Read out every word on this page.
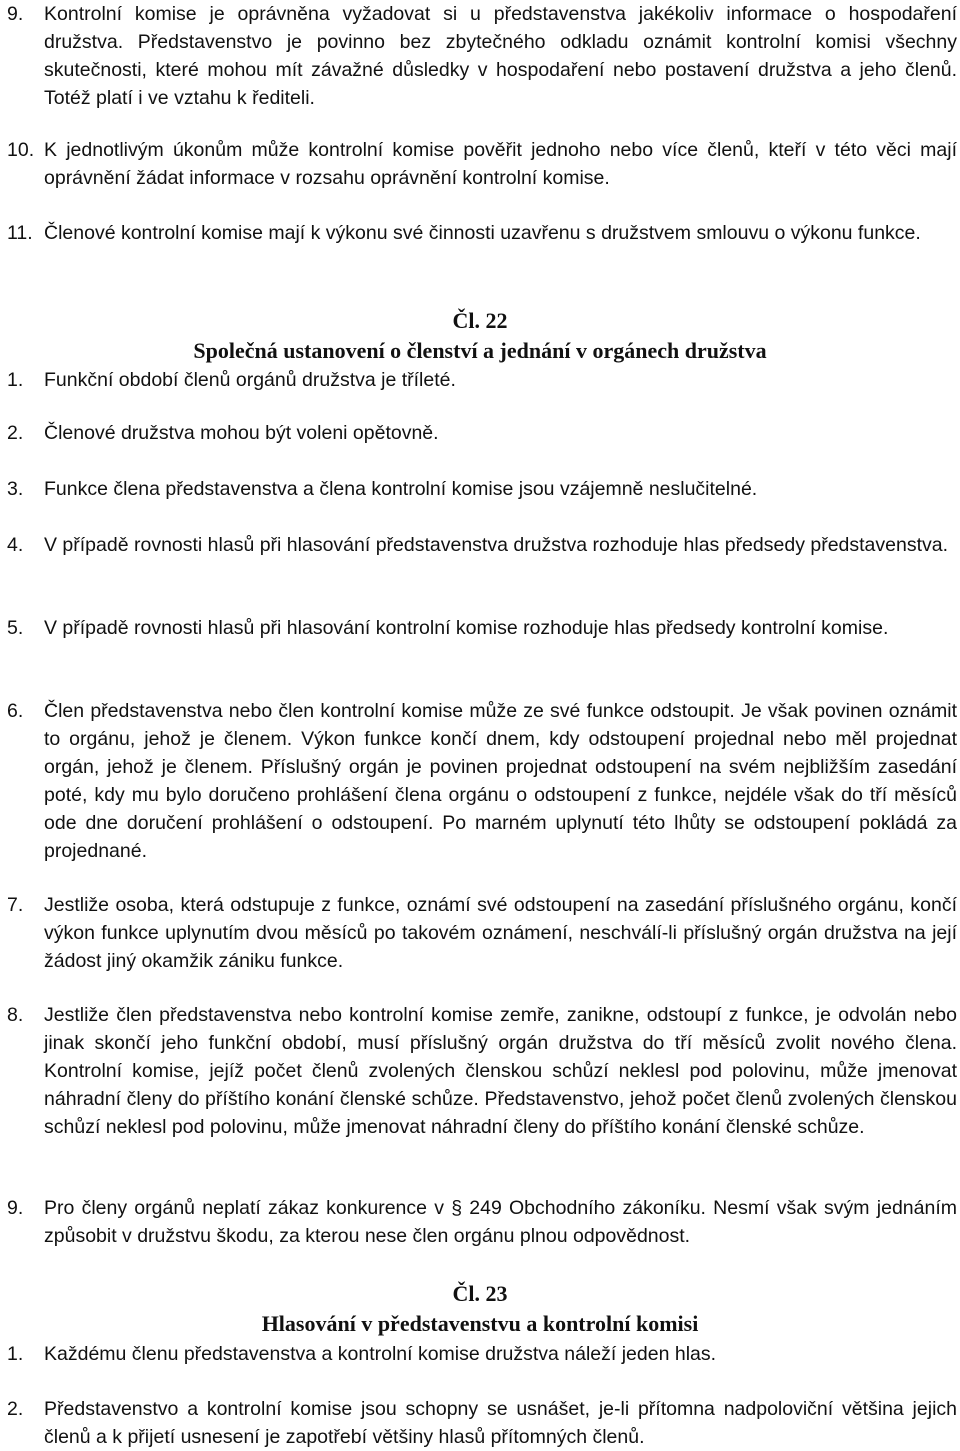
9. Kontrolní komise je oprávněna vyžadovat si u představenstva jakékoliv informace o hospodaření družstva. Představenstvo je povinno bez zbytečného odkladu oznámit kontrolní komisi všechny skutečnosti, které mohou mít závažné důsledky v hospodaření nebo postavení družstva a jeho členů. Totéž platí i ve vztahu k řediteli.
10. K jednotlivým úkonům může kontrolní komise pověřit jednoho nebo více členů, kteří v této věci mají oprávnění žádat informace v rozsahu oprávnění kontrolní komise.
11. Členové kontrolní komise mají k výkonu své činnosti uzavřenu s družstvem smlouvu o výkonu funkce.
Čl. 22
Společná ustanovení o členství a jednání v orgánech družstva
1. Funkční období členů orgánů družstva je tříleté.
2. Členové družstva mohou být voleni opětovně.
3. Funkce člena představenstva a člena kontrolní komise jsou vzájemně neslučitelné.
4. V případě rovnosti hlasů při hlasování představenstva družstva rozhoduje hlas předsedy představenstva.
5. V případě rovnosti hlasů při hlasování kontrolní komise rozhoduje hlas předsedy kontrolní komise.
6. Člen představenstva nebo člen kontrolní komise může ze své funkce odstoupit. Je však povinen oznámit to orgánu, jehož je členem. Výkon funkce končí dnem, kdy odstoupení projednal nebo měl projednat orgán, jehož je členem. Příslušný orgán je povinen projednat odstoupení na svém nejbližším zasedání poté, kdy mu bylo doručeno prohlášení člena orgánu o odstoupení z funkce, nejdéle však do tří měsíců ode dne doručení prohlášení o odstoupení. Po marném uplynutí této lhůty se odstoupení pokládá za projednané.
7. Jestliže osoba, která odstupuje z funkce, oznámí své odstoupení na zasedání příslušného orgánu, končí výkon funkce uplynutím dvou měsíců po takovém oznámení, neschválí-li příslušný orgán družstva na její žádost jiný okamžik zániku funkce.
8. Jestliže člen představenstva nebo kontrolní komise zemře, zanikne, odstoupí z funkce, je odvolán nebo jinak skončí jeho funkční období, musí příslušný orgán družstva do tří měsíců zvolit nového člena. Kontrolní komise, jejíž počet členů zvolených členskou schůzí neklesl pod polovinu, může jmenovat náhradní členy do příštího konání členské schůze. Představenstvo, jehož počet členů zvolených členskou schůzí neklesl pod polovinu, může jmenovat náhradní členy do příštího konání členské schůze.
9. Pro členy orgánů neplatí zákaz konkurence v § 249 Obchodního zákoníku. Nesmí však svým jednáním způsobit v družstvu škodu, za kterou nese člen orgánu plnou odpovědnost.
Čl. 23
Hlasování v představenstvu a kontrolní komisi
1. Každému členu představenstva a kontrolní komise družstva náleží jeden hlas.
2. Představenstvo a kontrolní komise jsou schopny se usnášet, je-li přítomna nadpoloviční většina jejich členů a k přijetí usnesení je zapotřebí většiny hlasů přítomných členů.
